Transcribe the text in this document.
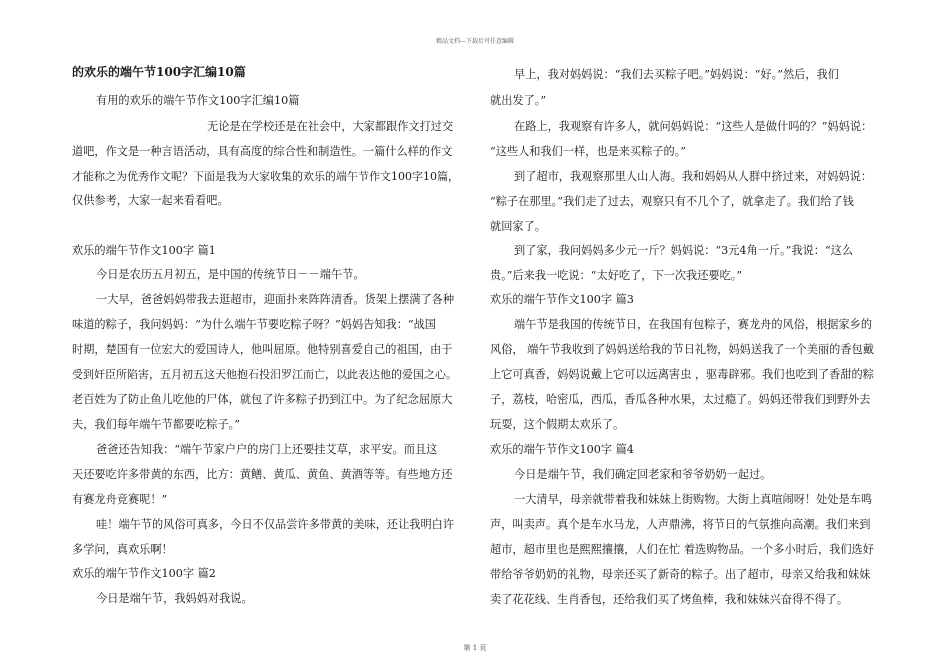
精品文档---下载后可任意编辑
的欢乐的端午节100字汇编10篇
有用的欢乐的端午节作文100字汇编10篇
无论是在学校还是在社会中，大家都跟作文打过交
道吧，作文是一种言语活动，具有高度的综合性和制造性。一篇什么样的作文
才能称之为优秀作文呢？下面是我为大家收集的欢乐的端午节作文100字10篇，
仅供参考，大家一起来看看吧。
欢乐的端午节作文100字 篇1
今日是农历五月初五，是中国的传统节日－－端午节。
一大早，爸爸妈妈带我去逛超市，迎面扑来阵阵清香。货架上摆满了各种
味道的粽子，我问妈妈：“为什么端午节要吃粽子呀？”妈妈告知我：“战国
时期，楚国有一位宏大的爱国诗人，他叫屈原。他特别喜爱自己的祖国，由于
受到奸臣所陷害，五月初五这天他抱石投汨罗江而亡，以此表达他的爱国之心。
老百姓为了防止鱼儿吃他的尸体，就包了许多粽子扔到江中。为了纪念屈原大
夫，我们每年端午节都要吃粽子。”
爸爸还告知我：“端午节家户户的房门上还要挂艾草，求平安。而且这
天还要吃许多带黄的东西，比方：黄鳝、黄瓜、黄鱼、黄酒等等。有些地方还
有赛龙舟竞赛呢！”
哇！端午节的风俗可真多，今日不仅品尝许多带黄的美味，还让我明白许
多学问，真欢乐啊！
欢乐的端午节作文100字 篇2
今日是端午节，我妈妈对我说。
早上，我对妈妈说：“我们去买粽子吧。”妈妈说：“好。”然后，我们
就出发了。”
在路上，我观察有许多人，就问妈妈说：“这些人是做什吗的？”妈妈说：
“这些人和我们一样，也是来买粽子的。”
到了超市，我观察那里人山人海。我和妈妈从人群中挤过来，对妈妈说：
“粽子在那里。”我们走了过去，观察只有不几个了，就拿走了。我们给了钱
就回家了。
到了家，我问妈妈多少元一斤？妈妈说：“3元4角一斤。”我说：“这么
贵。”后来我一吃说：“太好吃了，下一次我还要吃。”
欢乐的端午节作文100字 篇3
端午节是我国的传统节日，在我国有包粽子，赛龙舟的风俗，根据家乡的
风俗， 端午节我收到了妈妈送给我的节日礼物，妈妈送我了一个美丽的香包戴
上它可真香，妈妈说戴上它可以远离害虫 ，驱毒辟邪。我们也吃到了香甜的粽
子，荔枝，哈密瓜，西瓜，香瓜各种水果，太过瘾了。妈妈还带我们到野外去
玩耍，这个假期太欢乐了。
欢乐的端午节作文100字 篇4
今日是端午节，我们确定回老家和爷爷奶奶一起过。
一大清早，母亲就带着我和妹妹上街购物。大街上真喧闹呀！处处是车鸣
声，叫卖声。真个是车水马龙，人声鼎沸，将节日的气氛推向高潮。我们来到
超市，超市里也是熙熙攘攘，人们在忙 着选购物品。一个多小时后，我们选好
带给爷爷奶奶的礼物，母亲还买了新奇的粽子。出了超市，母亲又给我和妹妹
卖了花花线、生肖香包，还给我们买了烤鱼棒，我和妹妹兴奋得不得了。
第 1 页
